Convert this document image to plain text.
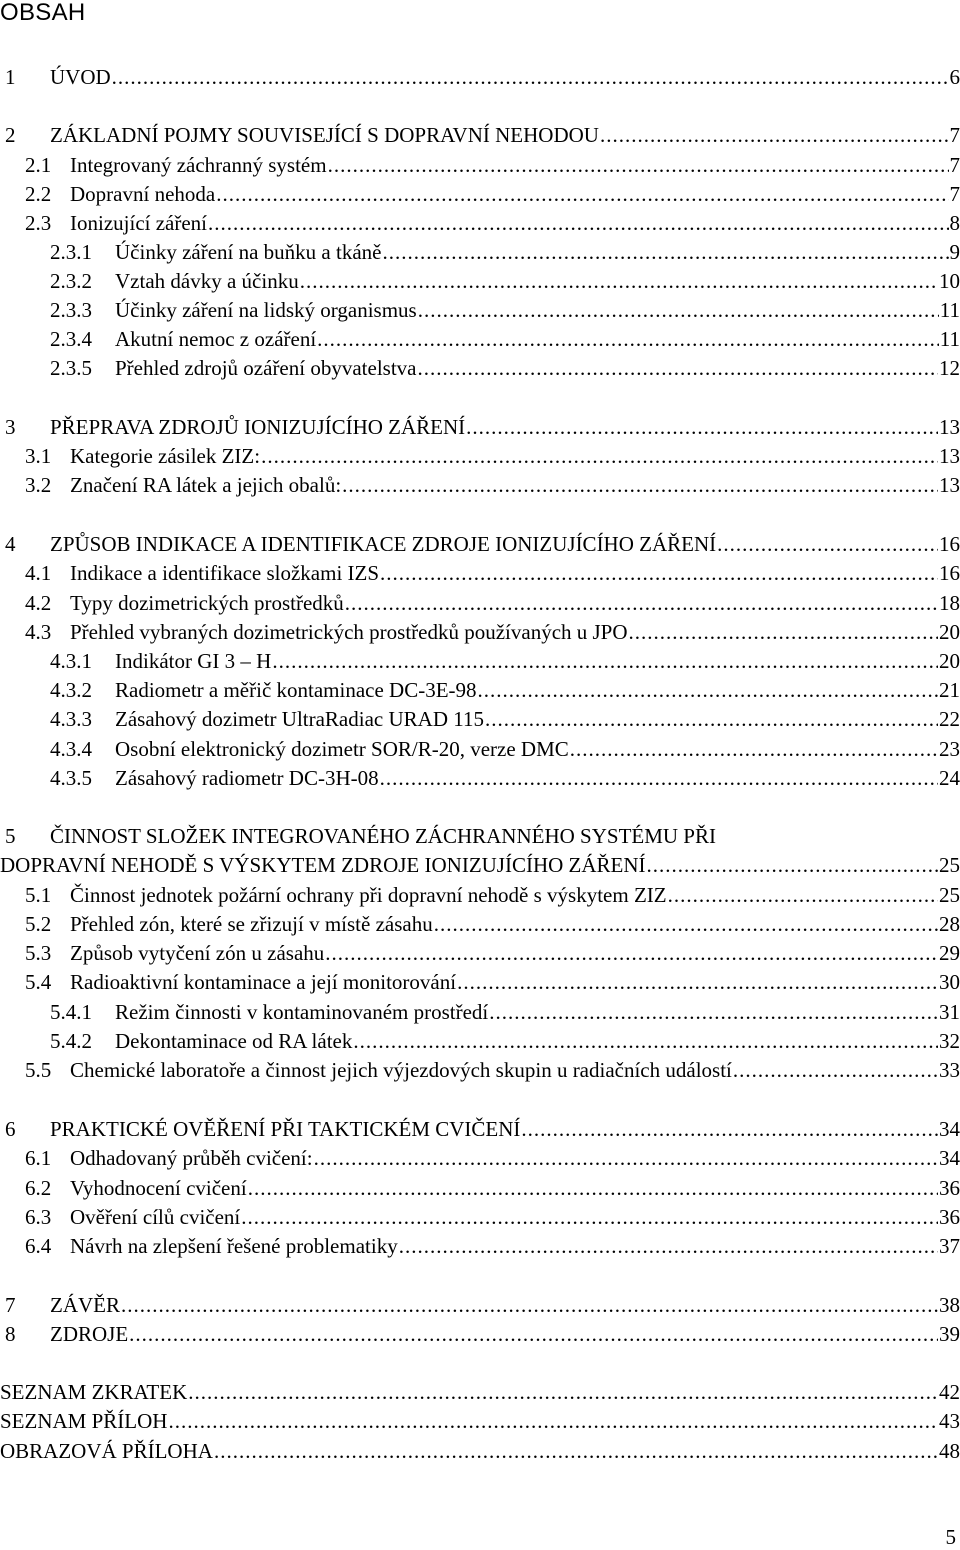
OBSAH
1 ÚVOD .....	6
2 ZÁKLADNÍ POJMY SOUVISEJÍCÍ S DOPRAVNÍ NEHODOU .....	7
2.1 Integrovaný záchranný systém .....	7
2.2 Dopravní nehoda .....	7
2.3 Ionizující záření .....	8
2.3.1 Účinky záření na buňku a tkáně .....	9
2.3.2 Vztah dávky a účinku .....	10
2.3.3 Účinky záření na lidský organismus .....	11
2.3.4 Akutní nemoc z ozáření .....	11
2.3.5 Přehled zdrojů ozáření obyvatelstva .....	12
3 PŘEPRAVA ZDROJŮ IONIZUJÍCÍHO ZÁŘENÍ .....	13
3.1 Kategorie zásilek ZIZ: .....	13
3.2 Značení RA látek a jejich obalů: .....	13
4 ZPŮSOB INDIKACE A IDENTIFIKACE ZDROJE IONIZUJÍCÍHO ZÁŘENÍ .....	16
4.1 Indikace a identifikace složkami IZS .....	16
4.2 Typy dozimetrických prostředků .....	18
4.3 Přehled vybraných dozimetrických prostředků používaných u JPO .....	20
4.3.1 Indikátor GI 3 – H .....	20
4.3.2 Radiometr a měřič kontaminace DC-3E-98 .....	21
4.3.3 Zásahový dozimetr UltraRadiac URAD 115 .....	22
4.3.4 Osobní elektronický dozimetr SOR/R-20, verze DMC .....	23
4.3.5 Zásahový radiometr DC-3H-08 .....	24
5 ČINNOST SLOŽEK INTEGROVANÉHO ZÁCHRANNÉHO SYSTÉMU PŘI
DOPRAVNÍ NEHODĚ S VÝSKYTEM ZDROJE IONIZUJÍCÍHO ZÁŘENÍ .....	25
5.1 Činnost jednotek požární ochrany při dopravní nehodě s výskytem ZIZ .....	25
5.2 Přehled zón, které se zřizují v místě zásahu .....	28
5.3 Způsob vytyčení zón u zásahu .....	29
5.4 Radioaktivní kontaminace a její monitorování .....	30
5.4.1 Režim činnosti v kontaminovaném prostředí .....	31
5.4.2 Dekontaminace od RA látek .....	32
5.5 Chemické laboratoře a činnost jejich výjezdových skupin u radiačních událostí .....	33
6 PRAKTICKÉ OVĚŘENÍ PŘI TAKTICKÉM CVIČENÍ .....	34
6.1 Odhadovaný průběh cvičení: .....	34
6.2 Vyhodnocení cvičení .....	36
6.3 Ověření cílů cvičení .....	36
6.4 Návrh na zlepšení řešené problematiky .....	37
7 ZÁVĚR .....	38
8 ZDROJE .....	39
SEZNAM ZKRATEK .....	42
SEZNAM PŘÍLOH .....	43
OBRAZOVÁ PŘÍLOHA .....	48
5
